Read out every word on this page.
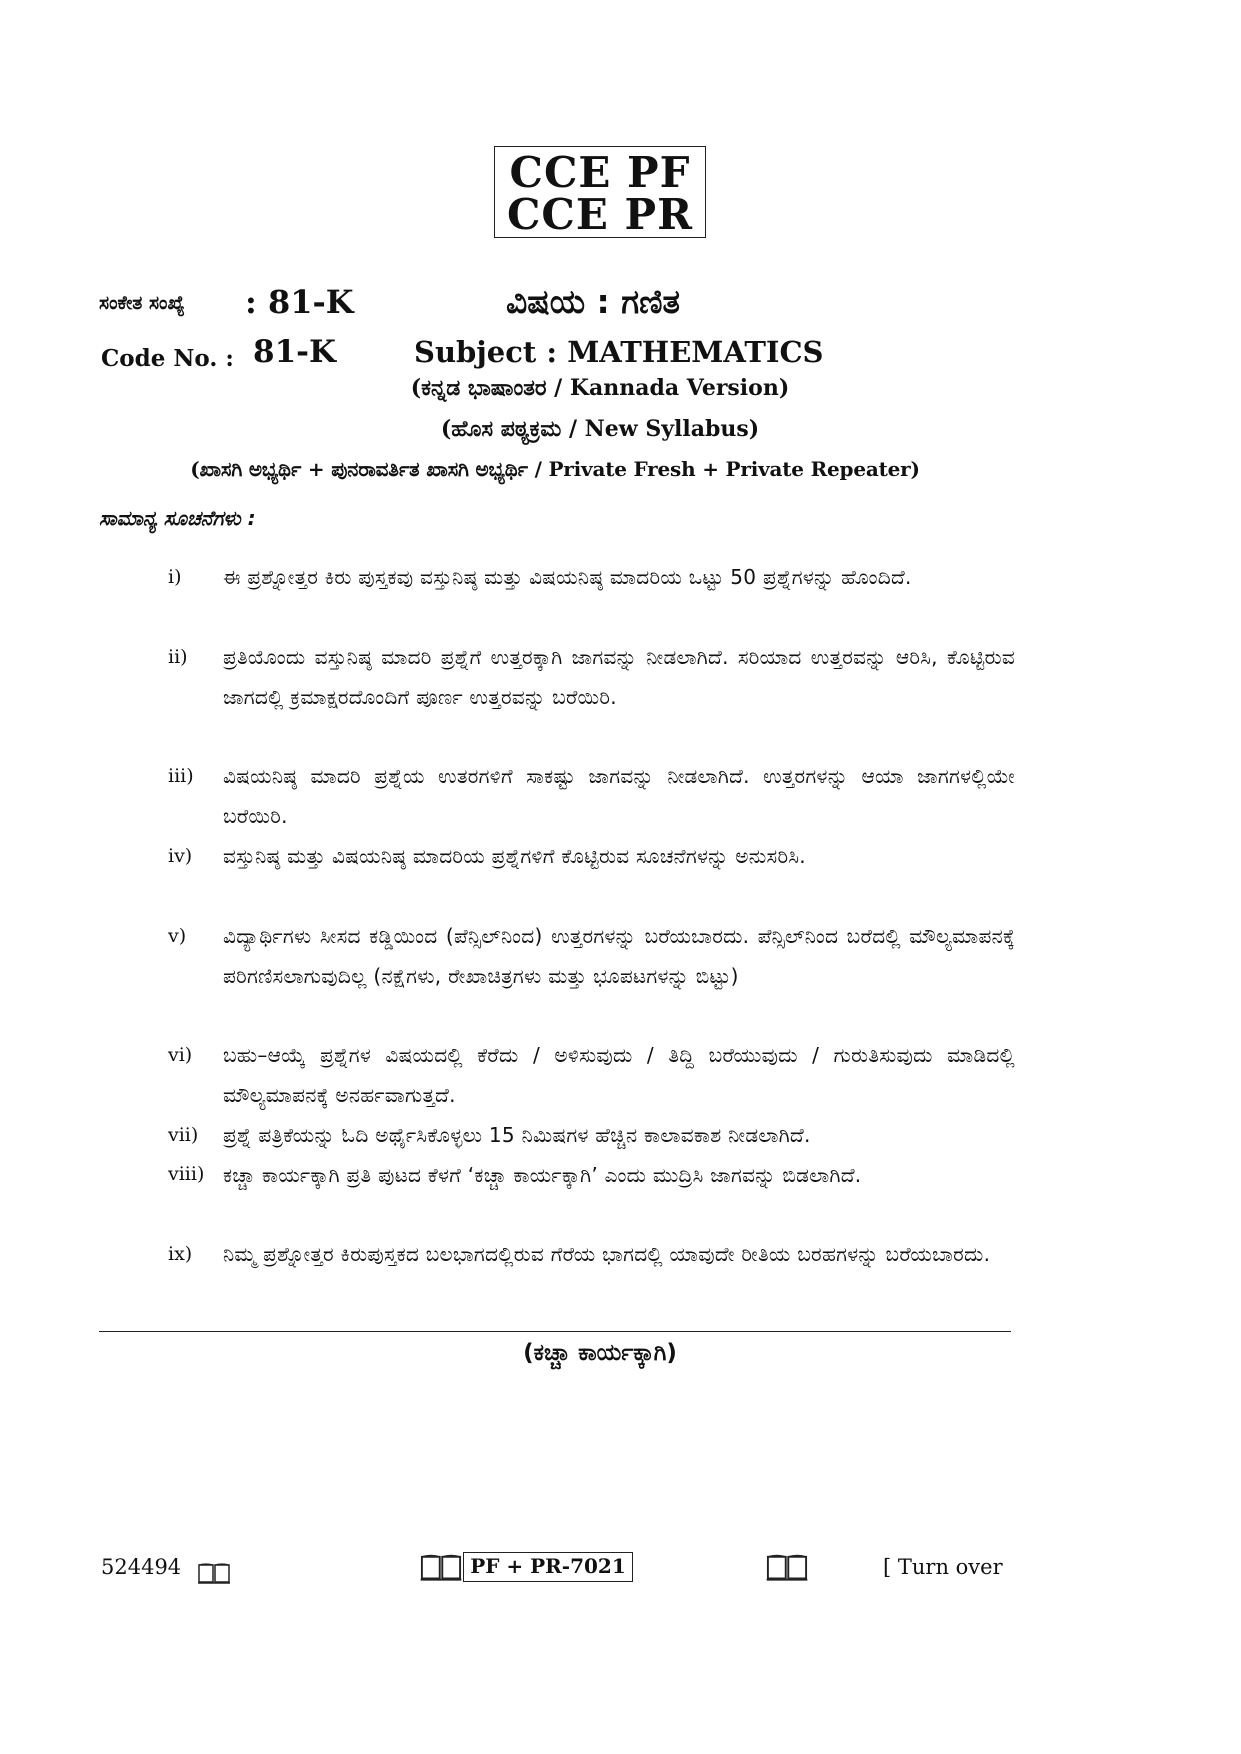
CCE PF
CCE PR
ಸಂಕೇತ ಸಂಖ್ಯೆ : 81-K	ವಿಷಯ : ಗಣಿತ
Code No. : 81-K	Subject : MATHEMATICS
(ಕನ್ನಡ ಭಾಷಾಂತರ / Kannada Version)
(ಹೊಸ ಪಠ್ಯಕ್ರಮ / New Syllabus)
(ಖಾಸಗಿ ಅಭ್ಯರ್ಥಿ + ಪುನರಾವರ್ತಿತ ಖಾಸಗಿ ಅಭ್ಯರ್ಥಿ / Private Fresh + Private Repeater)
ಸಾಮಾನ್ಯ ಸೂಚನೆಗಳು :
i) ಈ ಪ್ರಶ್ನೋತ್ತರ ಕಿರು ಪುಸ್ತಕವು ವಸ್ತುನಿಷ್ಠ ಮತ್ತು ವಿಷಯನಿಷ್ಠ ಮಾದರಿಯ ಒಟ್ಟು 50 ಪ್ರಶ್ನೆಗಳನ್ನು ಹೊಂದಿದೆ.
ii) ಪ್ರತಿಯೊಂದು ವಸ್ತುನಿಷ್ಠ ಮಾದರಿ ಪ್ರಶ್ನೆಗೆ ಉತ್ತರಕ್ಕಾಗಿ ಜಾಗವನ್ನು ನೀಡಲಾಗಿದೆ. ಸರಿಯಾದ ಉತ್ತರವನ್ನು ಆರಿಸಿ, ಕೊಟ್ಟಿರುವ ಜಾಗದಲ್ಲಿ ಕ್ರಮಾಕ್ಷರದೊಂದಿಗೆ ಪೂರ್ಣ ಉತ್ತರವನ್ನು ಬರೆಯಿರಿ.
iii) ವಿಷಯನಿಷ್ಠ ಮಾದರಿ ಪ್ರಶ್ನೆಯ ಉತರಗಳಿಗೆ ಸಾಕಷ್ಟು ಜಾಗವನ್ನು ನೀಡಲಾಗಿದೆ. ಉತ್ತರಗಳನ್ನು ಆಯಾ ಜಾಗಗಳಲ್ಲಿಯೇ ಬರೆಯಿರಿ.
iv) ವಸ್ತುನಿಷ್ಠ ಮತ್ತು ವಿಷಯನಿಷ್ಠ ಮಾದರಿಯ ಪ್ರಶ್ನೆಗಳಿಗೆ ಕೊಟ್ಟಿರುವ ಸೂಚನೆಗಳನ್ನು ಅನುಸರಿಸಿ.
v) ವಿದ್ಯಾರ್ಥಿಗಳು ಸೀಸದ ಕಡ್ಡಿಯಿಂದ (ಪೆನ್ಸಿಲ್‌ನಿಂದ) ಉತ್ತರಗಳನ್ನು ಬರೆಯಬಾರದು. ಪೆನ್ಸಿಲ್‌ನಿಂದ ಬರೆದಲ್ಲಿ ಮೌಲ್ಯಮಾಪನಕ್ಕೆ ಪರಿಗಣಿಸಲಾಗುವುದಿಲ್ಲ (ನಕ್ಷೆಗಳು, ರೇಖಾಚಿತ್ರಗಳು ಮತ್ತು ಭೂಪಟಗಳನ್ನು ಬಿಟ್ಟು)
vi) ಬಹು–ಆಯ್ಕೆ ಪ್ರಶ್ನೆಗಳ ವಿಷಯದಲ್ಲಿ ಕೆರೆದು / ಅಳಿಸುವುದು / ತಿದ್ದಿ ಬರೆಯುವುದು / ಗುರುತಿಸುವುದು ಮಾಡಿದಲ್ಲಿ ಮೌಲ್ಯಮಾಪನಕ್ಕೆ ಅನರ್ಹವಾಗುತ್ತದೆ.
vii) ಪ್ರಶ್ನೆ ಪತ್ರಿಕೆಯನ್ನು ಓದಿ ಅರ್ಥೈಸಿಕೊಳ್ಳಲು 15 ನಿಮಿಷಗಳ ಹೆಚ್ಚಿನ ಕಾಲಾವಕಾಶ ನೀಡಲಾಗಿದೆ.
viii) ಕಚ್ಚಾ ಕಾರ್ಯಕ್ಕಾಗಿ ಪ್ರತಿ ಪುಟದ ಕೆಳಗೆ ‘ಕಚ್ಚಾ ಕಾರ್ಯಕ್ಕಾಗಿ’ ಎಂದು ಮುದ್ರಿಸಿ ಜಾಗವನ್ನು ಬಿಡಲಾಗಿದೆ.
ix) ನಿಮ್ಮ ಪ್ರಶ್ನೋತ್ತರ ಕಿರುಪುಸ್ತಕದ ಬಲಭಾಗದಲ್ಲಿರುವ ಗೆರೆಯ ಭಾಗದಲ್ಲಿ ಯಾವುದೇ ರೀತಿಯ ಬರಹಗಳನ್ನು ಬರೆಯಬಾರದು.
(ಕಚ್ಚಾ ಕಾರ್ಯಕ್ಕಾಗಿ)
524494
	PF + PR-7021	[ Turn over
